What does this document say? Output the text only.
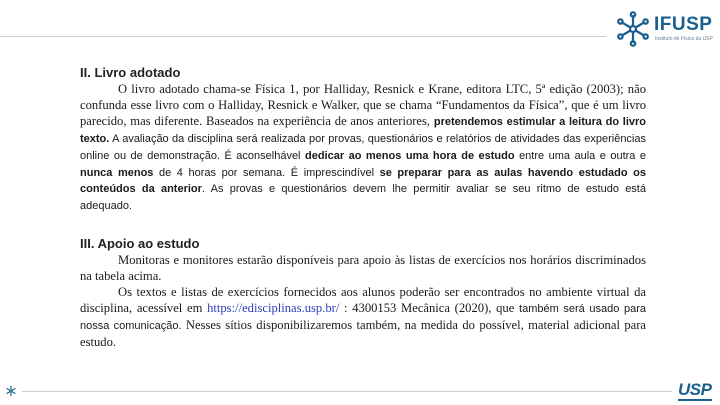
IFUSP
Instituto de Física da USP
II. Livro adotado

O livro adotado chama-se Física 1, por Halliday, Resnick e Krane, editora LTC, 5ª edição (2003); não confunda esse livro com o Halliday, Resnick e Walker, que se chama “Fundamentos da Física”, que é um livro parecido, mas diferente. Baseados na experiência de anos anteriores, pretendemos estimular a leitura do livro texto. A avaliação da disciplina será realizada por provas, questionários e relatórios de atividades das experiências online ou de demonstração. É aconselhável dedicar ao menos uma hora de estudo entre uma aula e outra e nunca menos de 4 horas por semana. É imprescindível se preparar para as aulas havendo estudado os conteúdos da anterior. As provas e questionários devem lhe permitir avaliar se seu ritmo de estudo está adequado.

III. Apoio ao estudo

Monitoras e monitores estarão disponíveis para apoio às listas de exercícios nos horários discriminados na tabela acima.

Os textos e listas de exercícios fornecidos aos alunos poderão ser encontrados no ambiente virtual da disciplina, acessível em https://edisciplinas.usp.br/ : 4300153 Mecânica (2020), que também será usado para nossa comunicação. Nesses sítios disponibilizaremos também, na medida do possível, material adicional para estudo.

USP
